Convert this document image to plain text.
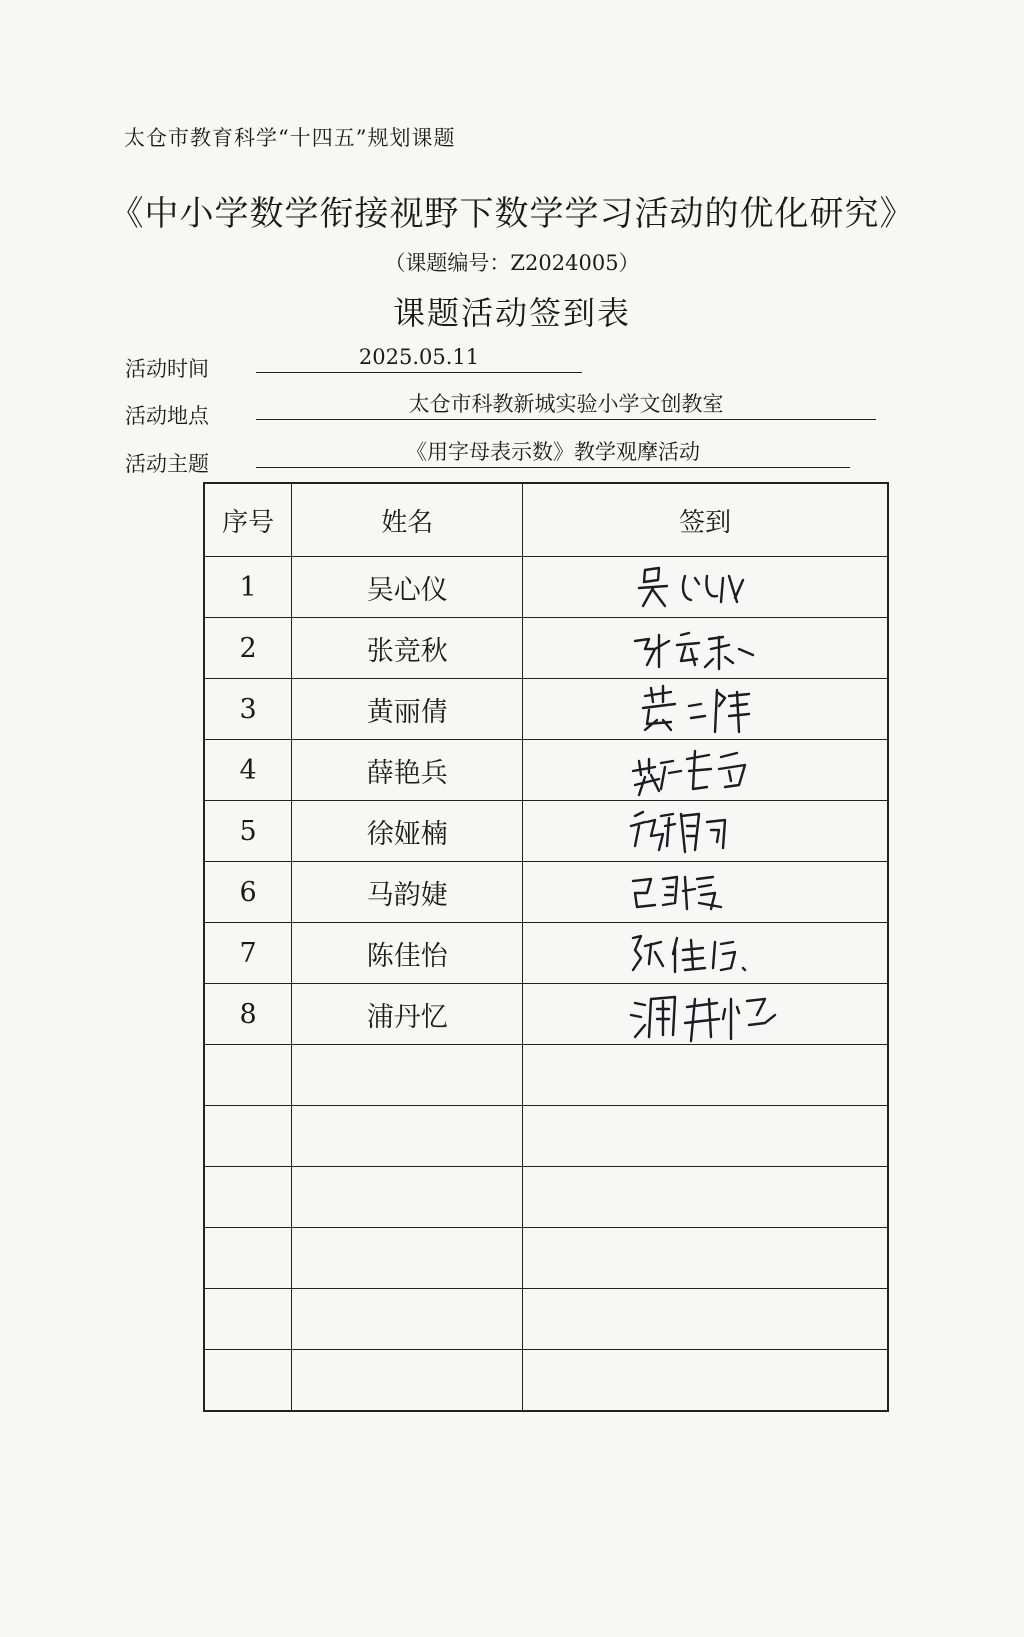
太仓市教育科学“十四五”规划课题
《中小学数学衔接视野下数学学习活动的优化研究》
（课题编号：Z2024005）
课题活动签到表
活动时间	2025.05.11
活动地点	太仓市科教新城实验小学文创教室
活动主题	《用字母表示数》教学观摩活动
序号	姓名	签到
1	吴心仪	

2	张竞秋	

3	黄丽倩	

4	薛艳兵	

5	徐娅楠	

6	马韵婕	

7	陈佳怡	

8	浦丹忆	
